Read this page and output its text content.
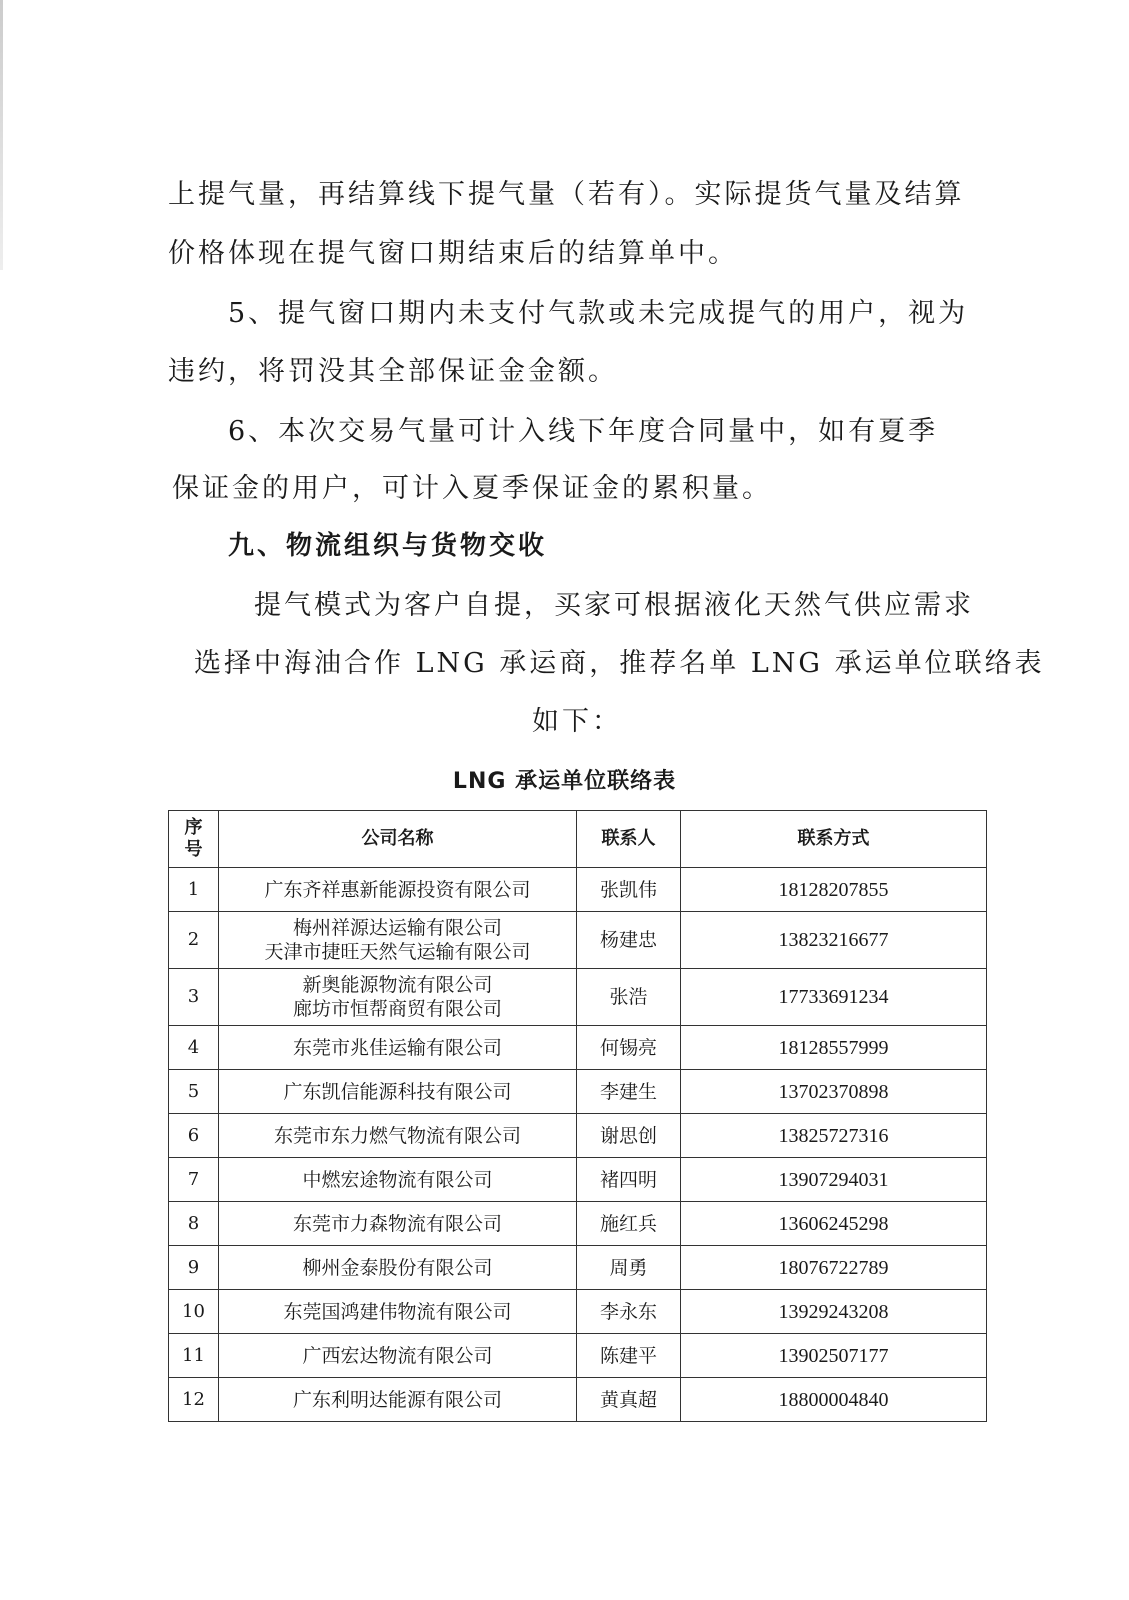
上提气量，再结算线下提气量（若有）。实际提货气量及结算
价格体现在提气窗口期结束后的结算单中。
5、提气窗口期内未支付气款或未完成提气的用户，视为
违约，将罚没其全部保证金金额。
6、本次交易气量可计入线下年度合同量中，如有夏季
保证金的用户，可计入夏季保证金的累积量。
九、物流组织与货物交收
提气模式为客户自提，买家可根据液化天然气供应需求
选择中海油合作 LNG 承运商，推荐名单 LNG 承运单位联络表
如下：
LNG 承运单位联络表
序
号	公司名称	联系人	联系方式
1	广东齐祥惠新能源投资有限公司	张凯伟	18128207855
2	梅州祥源达运输有限公司
天津市捷旺天然气运输有限公司	杨建忠	13823216677
3	新奥能源物流有限公司
廊坊市恒帮商贸有限公司	张浩	17733691234
4	东莞市兆佳运输有限公司	何锡亮	18128557999
5	广东凯信能源科技有限公司	李建生	13702370898
6	东莞市东力燃气物流有限公司	谢思创	13825727316
7	中燃宏途物流有限公司	褚四明	13907294031
8	东莞市力森物流有限公司	施红兵	13606245298
9	柳州金泰股份有限公司	周勇	18076722789
10	东莞国鸿建伟物流有限公司	李永东	13929243208
11	广西宏达物流有限公司	陈建平	13902507177
12	广东利明达能源有限公司	黄真超	18800004840
